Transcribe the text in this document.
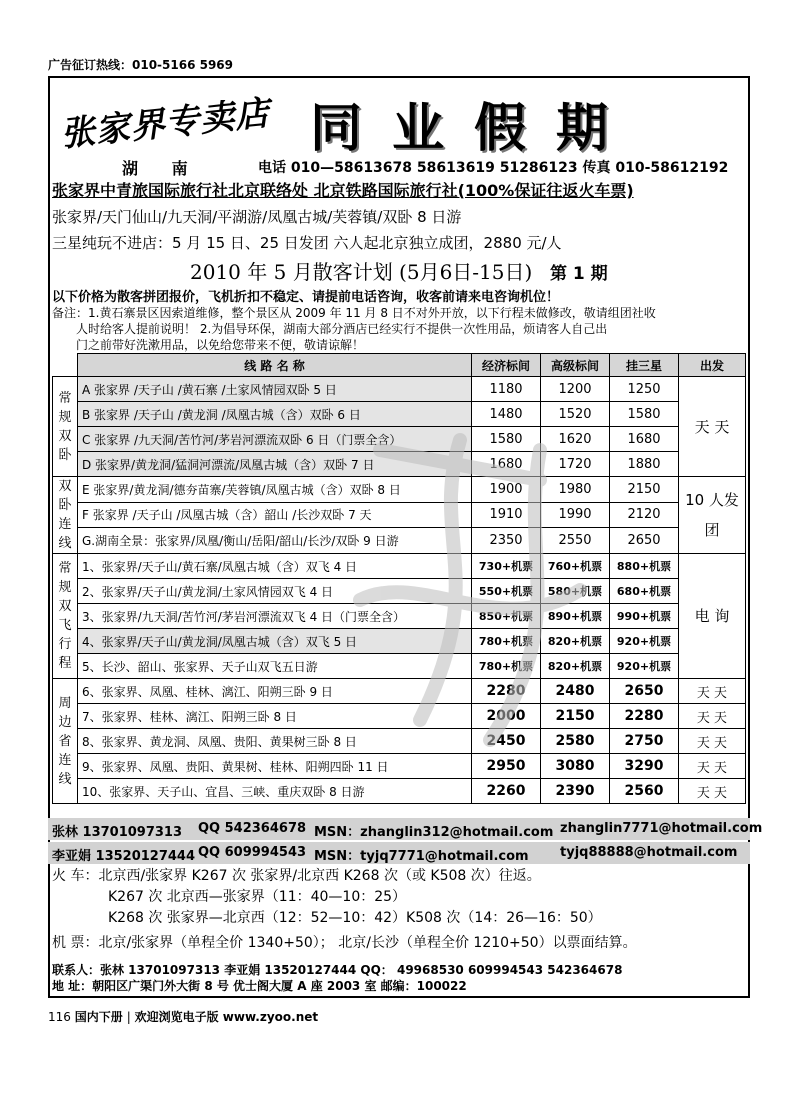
广告征订热线：010-5166 5969
张家界专卖店 同业假期
湖 南	电话 010—58613678 58613619 51286123 传真 010-58612192
张家界中青旅国际旅行社北京联络处 北京铁路国际旅行社(100%保证往返火车票)
张家界/天门仙山/九天洞/平湖游/凤凰古城/芙蓉镇/双卧 8 日游
三星纯玩不进店：5 月 15 日、25 日发团 六人起北京独立成团，2880 元/人
2010 年 5 月散客计划 (5月6日-15日) 第 1 期
以下价格为散客拼团报价，飞机折扣不稳定、请提前电话咨询，收客前请来电咨询机位！
备注：1.黄石寨景区因索道维修，整个景区从 2009 年 11 月 8 日不对外开放，以下行程未做修改，敬请组团社收
人时给客人提前说明！ 2.为倡导环保，湖南大部分酒店已经实行不提供一次性用品，烦请客人自己出
门之前带好洗漱用品，以免给您带来不便，敬请谅解！
	线 路 名 称	经济标间	高级标间	挂三星	出发
常规双卧	A 张家界 /天子山 /黄石寨 /土家风情园双卧 5 日	1180	1200	1250	天 天
	B 张家界 /天子山 /黄龙洞 /凤凰古城（含）双卧 6 日	1480	1520	1580	
	C 张家界 /九天洞/苦竹河/茅岩河漂流双卧 6 日（门票全含）	1580	1620	1680	
	D 张家界/黄龙洞/猛洞河漂流/凤凰古城（含）双卧 7 日	1680	1720	1880	
双卧连线	E 张家界/黄龙洞/德夯苗寨/芙蓉镇/凤凰古城（含）双卧 8 日	1900	1980	2150	10 人发团
	F 张家界 /天子山 /凤凰古城（含）韶山 /长沙双卧 7 天	1910	1990	2120	
	G.湖南全景：张家界/凤凰/衡山/岳阳/韶山/长沙/双卧 9 日游	2350	2550	2650	
常规双飞行程	1、张家界/天子山/黄石寨/凤凰古城（含）双飞 4 日	730+机票	760+机票	880+机票	电 询
	2、张家界/天子山/黄龙洞/土家风情园双飞 4 日	550+机票	580+机票	680+机票	
	3、张家界/九天洞/苦竹河/茅岩河漂流双飞 4 日（门票全含）	850+机票	890+机票	990+机票	
	4、张家界/天子山/黄龙洞/凤凰古城（含）双飞 5 日	780+机票	820+机票	920+机票	
	5、长沙、韶山、张家界、天子山双飞五日游	780+机票	820+机票	920+机票	
周边省连线	6、张家界、凤凰、桂林、漓江、阳朔三卧 9 日	2280	2480	2650	天 天
	7、张家界、桂林、漓江、阳朔三卧 8 日	2000	2150	2280	天 天
	8、张家界、黄龙洞、凤凰、贵阳、黄果树三卧 8 日	2450	2580	2750	天 天
	9、张家界、凤凰、贵阳、黄果树、桂林、阳朔四卧 11 日	2950	3080	3290	天 天
	10、张家界、天子山、宜昌、三峡、重庆双卧 8 日游	2260	2390	2560	天 天
张林 13701097313 QQ 542364678 MSN：zhanglin312@hotmail.com zhanglin7771@hotmail.com
李亚娟 13520127444 QQ 609994543 MSN：tyjq7771@hotmail.com tyjq88888@hotmail.com
火 车：北京西/张家界 K267 次 张家界/北京西 K268 次（或 K508 次）往返。
K267 次 北京西—张家界（11：40—10：25）
K268 次 张家界—北京西（12：52—10：42）K508 次（14：26—16：50）
机 票：北京/张家界（单程全价 1340+50）； 北京/长沙（单程全价 1210+50）以票面结算。
联系人：张林 13701097313 李亚娟 13520127444 QQ： 49968530 609994543 542364678
地 址：朝阳区广渠门外大街 8 号 优士阁大厦 A 座 2003 室 邮编：100022
116 国内下册 | 欢迎浏览电子版 www.zyoo.net
